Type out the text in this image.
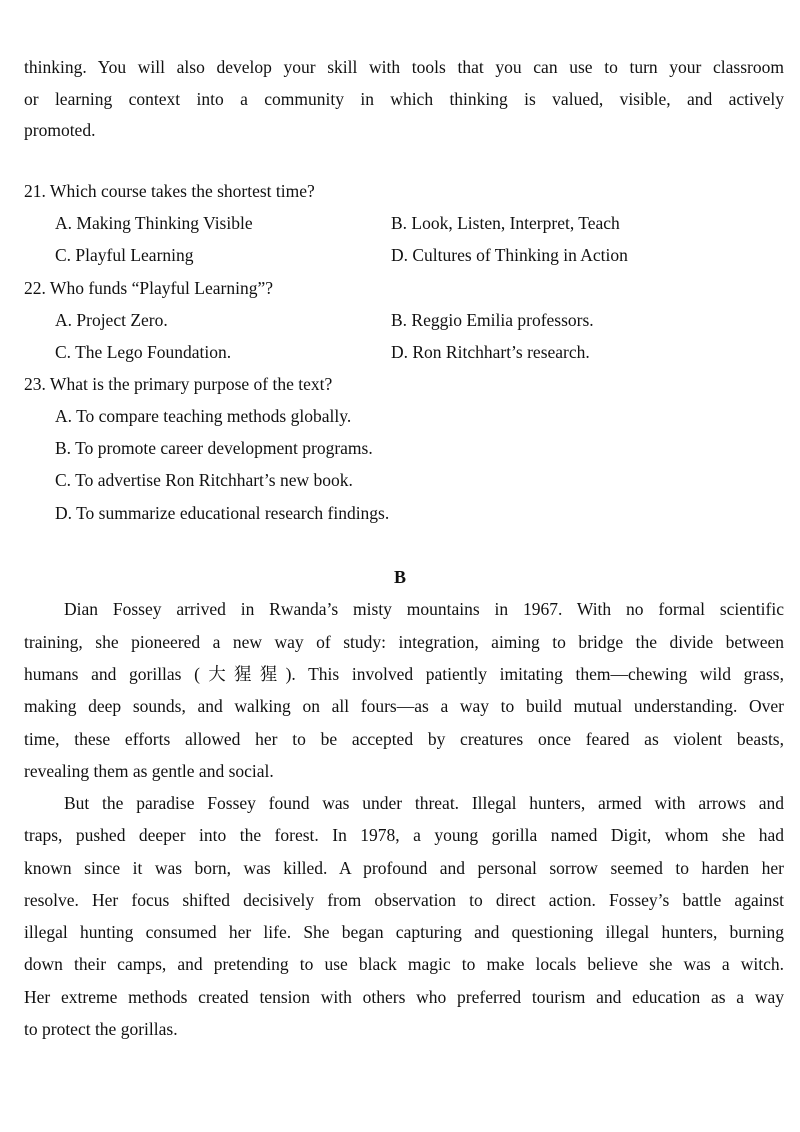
thinking. You will also develop your skill with tools that you can use to turn your classroom
or learning context into a community in which thinking is valued, visible, and actively
promoted.
21. Which course takes the shortest time?
A. Making Thinking Visible	B. Look, Listen, Interpret, Teach
C. Playful Learning	D. Cultures of Thinking in Action
22. Who funds “Playful Learning”?
A. Project Zero.	B. Reggio Emilia professors.
C. The Lego Foundation.	D. Ron Ritchhart’s research.
23. What is the primary purpose of the text?
A. To compare teaching methods globally.
B. To promote career development programs.
C. To advertise Ron Ritchhart’s new book.
D. To summarize educational research findings.
B
Dian Fossey arrived in Rwanda’s misty mountains in 1967. With no formal scientific
training, she pioneered a new way of study: integration, aiming to bridge the divide between
humans and gorillas (大猩猩). This involved patiently imitating them—chewing wild grass,
making deep sounds, and walking on all fours—as a way to build mutual understanding. Over
time, these efforts allowed her to be accepted by creatures once feared as violent beasts,
revealing them as gentle and social.
But the paradise Fossey found was under threat. Illegal hunters, armed with arrows and
traps, pushed deeper into the forest. In 1978, a young gorilla named Digit, whom she had
known since it was born, was killed. A profound and personal sorrow seemed to harden her
resolve. Her focus shifted decisively from observation to direct action. Fossey’s battle against
illegal hunting consumed her life. She began capturing and questioning illegal hunters, burning
down their camps, and pretending to use black magic to make locals believe she was a witch.
Her extreme methods created tension with others who preferred tourism and education as a way
to protect the gorillas.
